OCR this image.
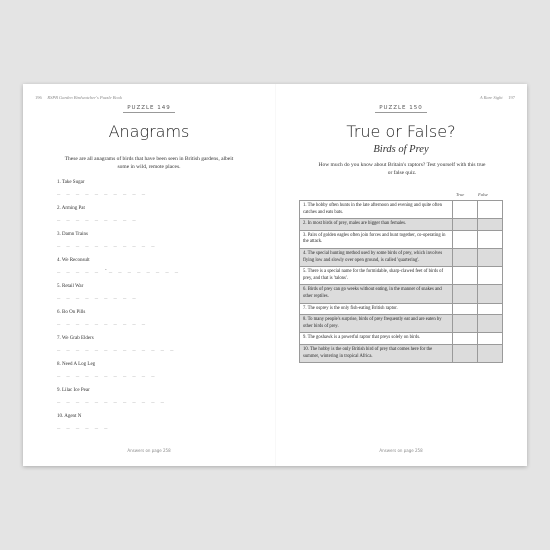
196 RSPB Garden Birdwatcher's Puzzle Book
PUZZLE 149
Anagrams
These are all anagrams of birds that have been seen in British gardens, albeit some in wild, remote places.
1. Take Sugar
_ _ _ _ _ _ _ _ _ _
2. Arming Pat
_ _ _ _ _ _ _ _ _
3. Damn Trains
_ _ _ _ _ _ _ _ _ _ _
4. We Reconsult
_ _ _ _ _ -_ _ _ _ _ _ _ _
5. Retail War
_ _ _ _ _ _ _ _ _
6. Bo On Pills
_ _ _ _ _ _ _ _ _ _
7. We Grab Elders
_ _ _ _ _ _ _ _ _ _ _ _ _
8. Need A Log Leg
_ _ _ _ _ _ _ _ _ _ _
9. Lilac Ice Pear
_ _ _ _ _ _ _ _ _ _ _ _
10. Agent N
_ _ _ _ _ _
Answers on page 258
A Rare Sight 197
PUZZLE 150
True or False?
Birds of Prey
How much do you know about Britain's raptors? Test yourself with this true or false quiz.
True	False
1. The hobby often hunts in the late afternoon and evening and quite often catches and eats bats.		
2. In most birds of prey, males are bigger than females.		
3. Pairs of golden eagles often join forces and hunt together, co-operating in the attack.		
4. The special hunting method used by some birds of prey, which involves flying low and slowly over open ground, is called 'quartering'.		
5. There is a special name for the formidable, sharp-clawed feet of birds of prey, and that is 'talons'.		
6. Birds of prey can go weeks without eating, in the manner of snakes and other reptiles.		
7. The osprey is the only fish-eating British raptor.		
8. To many people's surprise, birds of prey frequently eat and are eaten by other birds of prey.		
9. The goshawk is a powerful raptor that preys solely on birds.		
10. The hobby is the only British bird of prey that comes here for the summer, wintering in tropical Africa.		
Answers on page 258
